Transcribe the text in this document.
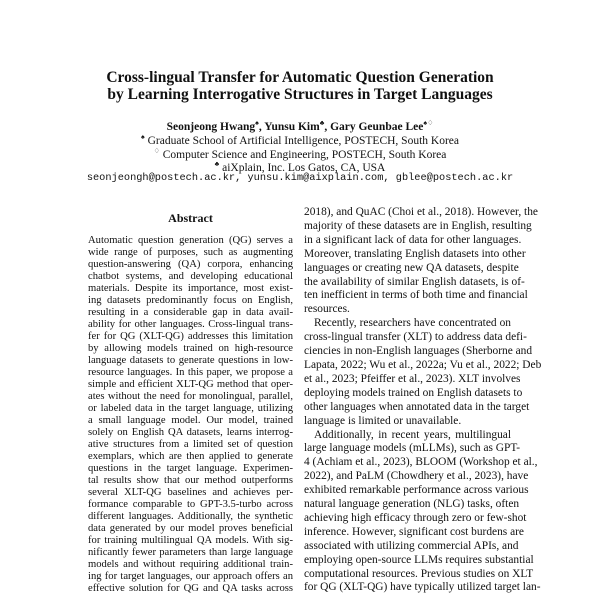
Cross-lingual Transfer for Automatic Question Generation
by Learning Interrogative Structures in Target Languages
Seonjeong Hwang♠, Yunsu Kim♣, Gary Geunbae Lee♠♢
♠ Graduate School of Artificial Intelligence, POSTECH, South Korea
♢ Computer Science and Engineering, POSTECH, South Korea
♣ aiXplain, Inc. Los Gatos, CA, USA
seonjeongh@postech.ac.kr, yunsu.kim@aixplain.com, gblee@postech.ac.kr
Abstract
Automatic question generation (QG) serves a
wide range of purposes, such as augmenting
question-answering (QA) corpora, enhancing
chatbot systems, and developing educational
materials. Despite its importance, most exist-
ing datasets predominantly focus on English,
resulting in a considerable gap in data avail-
ability for other languages. Cross-lingual trans-
fer for QG (XLT-QG) addresses this limitation
by allowing models trained on high-resource
language datasets to generate questions in low-
resource languages. In this paper, we propose a
simple and efficient XLT-QG method that oper-
ates without the need for monolingual, parallel,
or labeled data in the target language, utilizing
a small language model. Our model, trained
solely on English QA datasets, learns interrog-
ative structures from a limited set of question
exemplars, which are then applied to generate
questions in the target language. Experimen-
tal results show that our method outperforms
several XLT-QG baselines and achieves per-
formance comparable to GPT-3.5-turbo across
different languages. Additionally, the synthetic
data generated by our model proves beneficial
for training multilingual QA models. With sig-
nificantly fewer parameters than large language
models and without requiring additional train-
ing for target languages, our approach offers an
effective solution for QG and QA tasks across
2018), and QuAC (Choi et al., 2018). However, the
majority of these datasets are in English, resulting
in a significant lack of data for other languages.
Moreover, translating English datasets into other
languages or creating new QA datasets, despite
the availability of similar English datasets, is of-
ten inefficient in terms of both time and financial
resources.
Recently, researchers have concentrated on
cross-lingual transfer (XLT) to address data defi-
ciencies in non-English languages (Sherborne and
Lapata, 2022; Wu et al., 2022a; Vu et al., 2022; Deb
et al., 2023; Pfeiffer et al., 2023). XLT involves
deploying models trained on English datasets to
other languages when annotated data in the target
language is limited or unavailable.
Additionally, in recent years, multilingual
large language models (mLLMs), such as GPT-
4 (Achiam et al., 2023), BLOOM (Workshop et al.,
2022), and PaLM (Chowdhery et al., 2023), have
exhibited remarkable performance across various
natural language generation (NLG) tasks, often
achieving high efficacy through zero or few-shot
inference. However, significant cost burdens are
associated with utilizing commercial APIs, and
employing open-source LLMs requires substantial
computational resources. Previous studies on XLT
for QG (XLT-QG) have typically utilized target lan-
